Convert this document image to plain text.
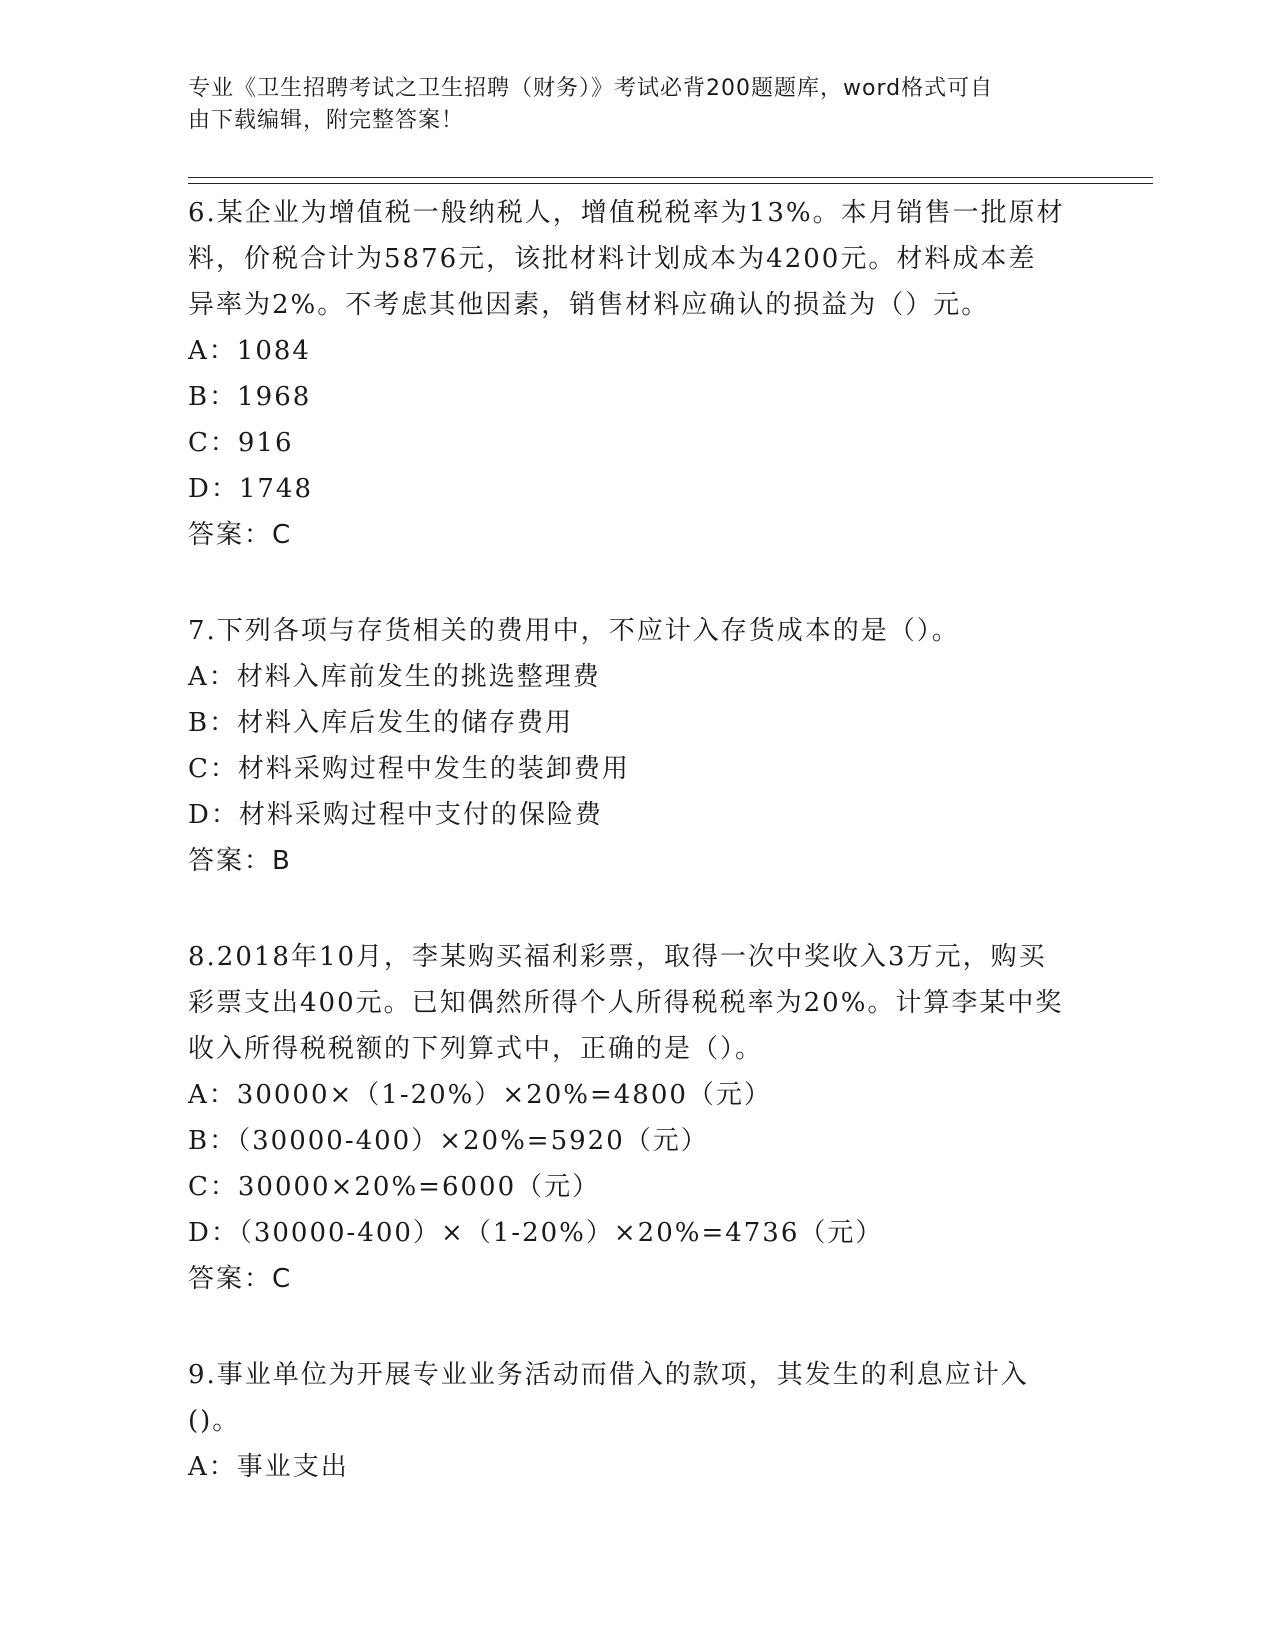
专业《卫生招聘考试之卫生招聘（财务）》考试必背200题题库，word格式可自
由下载编辑，附完整答案！
6.某企业为增值税一般纳税人，增值税税率为13%。本月销售一批原材
料，价税合计为5876元，该批材料计划成本为4200元。材料成本差
异率为2%。不考虑其他因素，销售材料应确认的损益为（）元。
A：1084
B：1968
C：916
D：1748
答案：C
7.下列各项与存货相关的费用中，不应计入存货成本的是（）。
A：材料入库前发生的挑选整理费
B：材料入库后发生的储存费用
C：材料采购过程中发生的装卸费用
D：材料采购过程中支付的保险费
答案：B
8.2018年10月，李某购买福利彩票，取得一次中奖收入3万元，购买
彩票支出400元。已知偶然所得个人所得税税率为20%。计算李某中奖
收入所得税税额的下列算式中，正确的是（）。
A：30000×（1-20%）×20%=4800（元）
B：（30000-400）×20%=5920（元）
C：30000×20%=6000（元）
D：（30000-400）×（1-20%）×20%=4736（元）
答案：C
9.事业单位为开展专业业务活动而借入的款项，其发生的利息应计入
()。
A：事业支出
